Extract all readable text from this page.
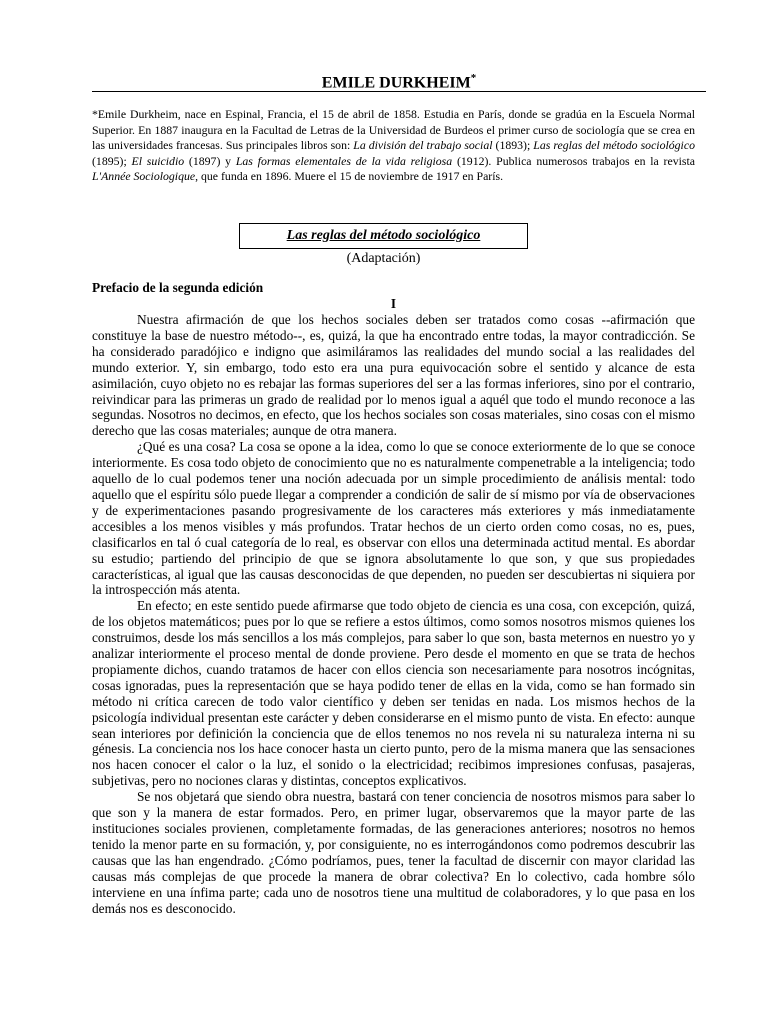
EMILE DURKHEIM*
*Emile Durkheim, nace en Espinal, Francia, el 15 de abril de 1858. Estudia en París, donde se gradúa en la Escuela Normal Superior. En 1887 inaugura en la Facultad de Letras de la Universidad de Burdeos el primer curso de sociología que se crea en las universidades francesas. Sus principales libros son: La división del trabajo social (1893); Las reglas del método sociológico (1895); El suicidio (1897) y Las formas elementales de la vida religiosa (1912). Publica numerosos trabajos en la revista L'Année Sociologique, que funda en 1896. Muere el 15 de noviembre de 1917 en París.
Las reglas del método sociológico
(Adaptación)
Prefacio de la segunda edición
I

Nuestra afirmación de que los hechos sociales deben ser tratados como cosas --afirmación que constituye la base de nuestro método--, es, quizá, la que ha encontrado entre todas, la mayor contradicción. Se ha considerado paradójico e indigno que asimiláramos las realidades del mundo social a las realidades del mundo exterior. Y, sin embargo, todo esto era una pura equivocación sobre el sentido y alcance de esta asimilación, cuyo objeto no es rebajar las formas superiores del ser a las formas inferiores, sino por el contrario, reivindicar para las primeras un grado de realidad por lo menos igual a aquél que todo el mundo reconoce a las segundas. Nosotros no decimos, en efecto, que los hechos sociales son cosas materiales, sino cosas con el mismo derecho que las cosas materiales; aunque de otra manera.

¿Qué es una cosa? La cosa se opone a la idea, como lo que se conoce exteriormente de lo que se conoce interiormente. Es cosa todo objeto de conocimiento que no es naturalmente compenetrable a la inteligencia; todo aquello de lo cual podemos tener una noción adecuada por un simple procedimiento de análisis mental: todo aquello que el espíritu sólo puede llegar a comprender a condición de salir de sí mismo por vía de observaciones y de experimentaciones pasando progresivamente de los caracteres más exteriores y más inmediatamente accesibles a los menos visibles y más profundos. Tratar hechos de un cierto orden como cosas, no es, pues, clasificarlos en tal ó cual categoría de lo real, es observar con ellos una determinada actitud mental. Es abordar su estudio; partiendo del principio de que se ignora absolutamente lo que son, y que sus propiedades características, al igual que las causas desconocidas de que dependen, no pueden ser descubiertas ni siquiera por la introspección más atenta.

En efecto; en este sentido puede afirmarse que todo objeto de ciencia es una cosa, con excepción, quizá, de los objetos matemáticos; pues por lo que se refiere a estos últimos, como somos nosotros mismos quienes los construimos, desde los más sencillos a los más complejos, para saber lo que son, basta meternos en nuestro yo y analizar interiormente el proceso mental de donde proviene. Pero desde el momento en que se trata de hechos propiamente dichos, cuando tratamos de hacer con ellos ciencia son necesariamente para nosotros incógnitas, cosas ignoradas, pues la representación que se haya podido tener de ellas en la vida, como se han formado sin método ni crítica carecen de todo valor científico y deben ser tenidas en nada. Los mismos hechos de la psicología individual presentan este carácter y deben considerarse en el mismo punto de vista. En efecto: aunque sean interiores por definición la conciencia que de ellos tenemos no nos revela ni su naturaleza interna ni su génesis. La conciencia nos los hace conocer hasta un cierto punto, pero de la misma manera que las sensaciones nos hacen conocer el calor o la luz, el sonido o la electricidad; recibimos impresiones confusas, pasajeras, subjetivas, pero no nociones claras y distintas, conceptos explicativos.

Se nos objetará que siendo obra nuestra, bastará con tener conciencia de nosotros mismos para saber lo que son y la manera de estar formados. Pero, en primer lugar, observaremos que la mayor parte de las instituciones sociales provienen, completamente formadas, de las generaciones anteriores; nosotros no hemos tenido la menor parte en su formación, y, por consiguiente, no es interrogándonos como podremos descubrir las causas que las han engendrado. ¿Cómo podríamos, pues, tener la facultad de discernir con mayor claridad las causas más complejas de que procede la manera de obrar colectiva? En lo colectivo, cada hombre sólo interviene en una ínfima parte; cada uno de nosotros tiene una multitud de colaboradores, y lo que pasa en los demás nos es desconocido.
